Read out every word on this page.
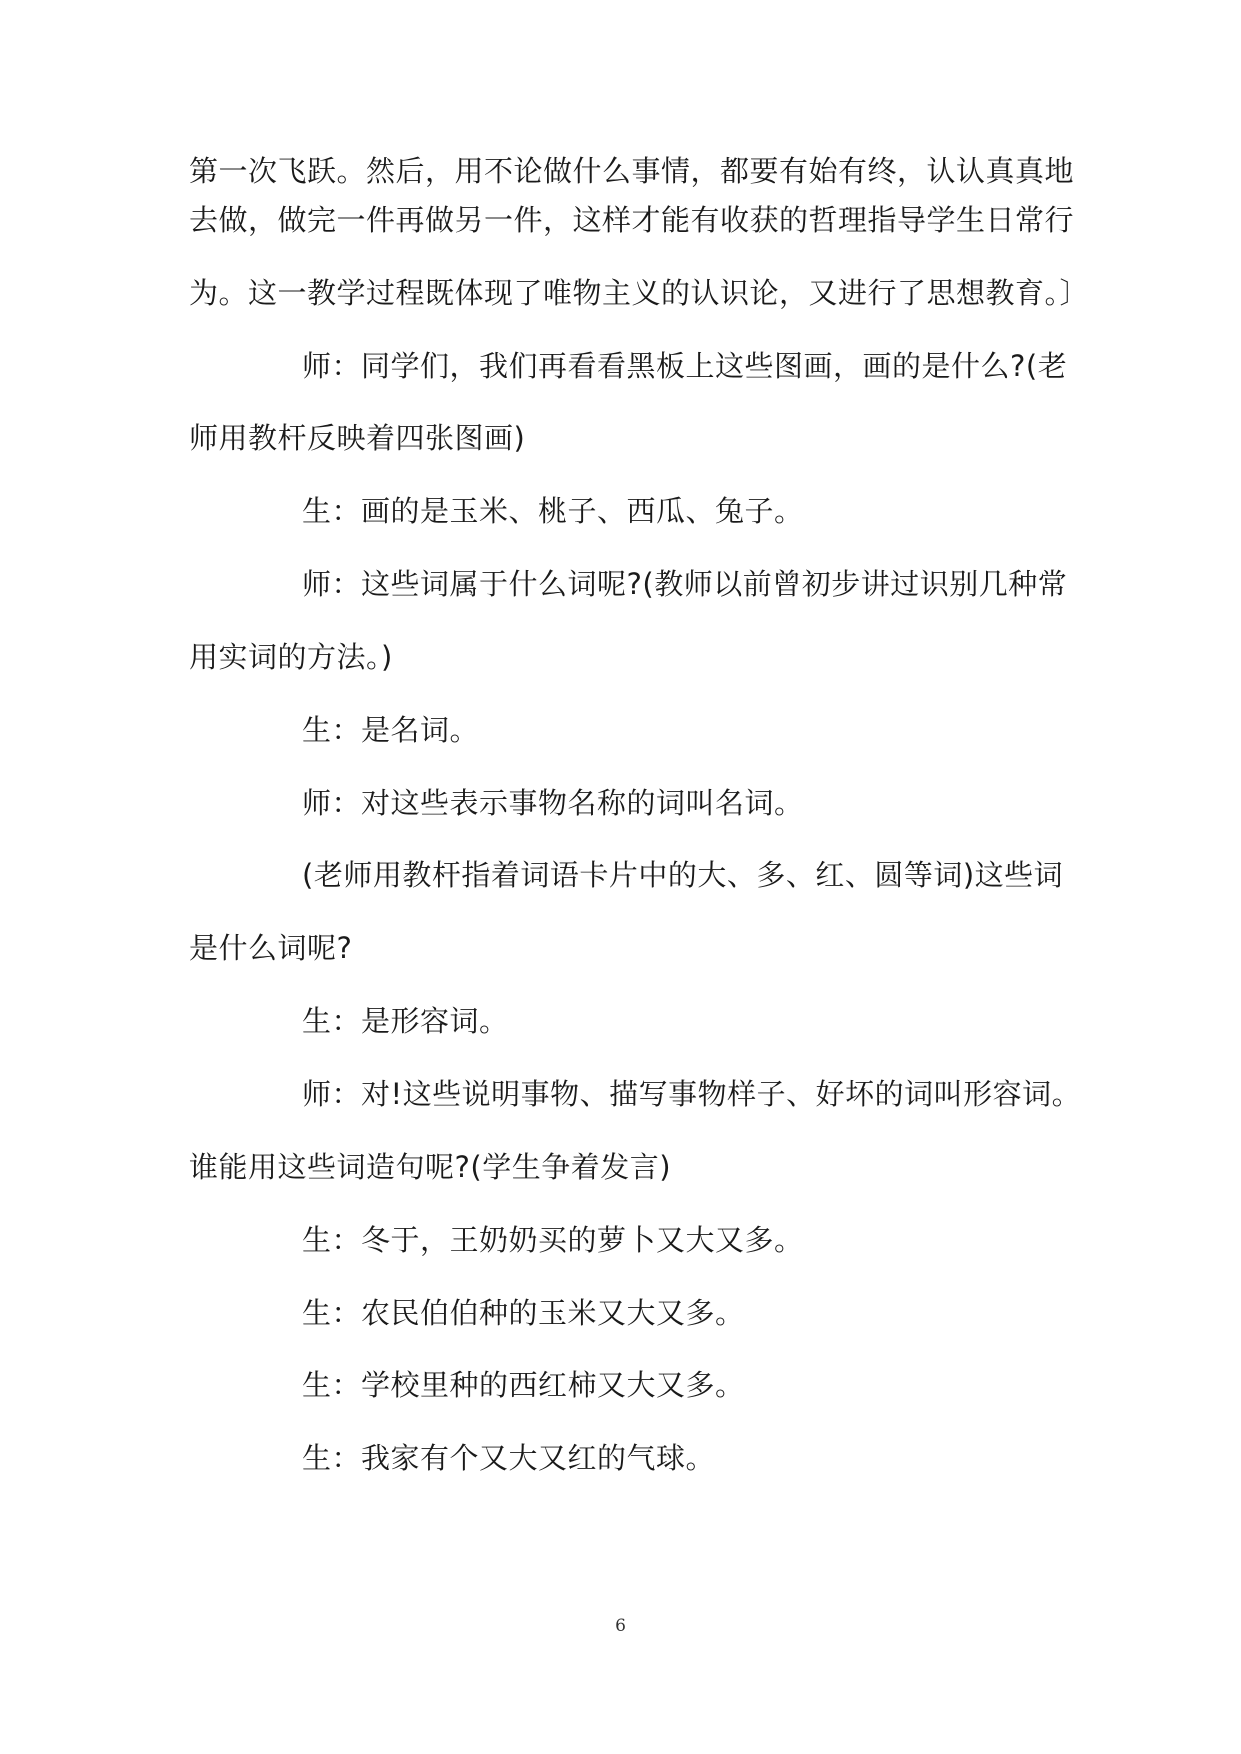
第一次飞跃。然后，用不论做什么事情，都要有始有终，认认真真地
去做，做完一件再做另一件，这样才能有收获的哲理指导学生日常行
为。这一教学过程既体现了唯物主义的认识论，又进行了思想教育。〕
师：同学们，我们再看看黑板上这些图画，画的是什么?(老
师用教杆反映着四张图画)
生：画的是玉米、桃子、西瓜、兔子。
师：这些词属于什么词呢?(教师以前曾初步讲过识别几种常
用实词的方法。)
生：是名词。
师：对这些表示事物名称的词叫名词。
(老师用教杆指着词语卡片中的大、多、红、圆等词)这些词
是什么词呢?
生：是形容词。
师：对!这些说明事物、描写事物样子、好坏的词叫形容词。
谁能用这些词造句呢?(学生争着发言)
生：冬于，王奶奶买的萝卜又大又多。
生：农民伯伯种的玉米又大又多。
生：学校里种的西红柿又大又多。
生：我家有个又大又红的气球。
6
